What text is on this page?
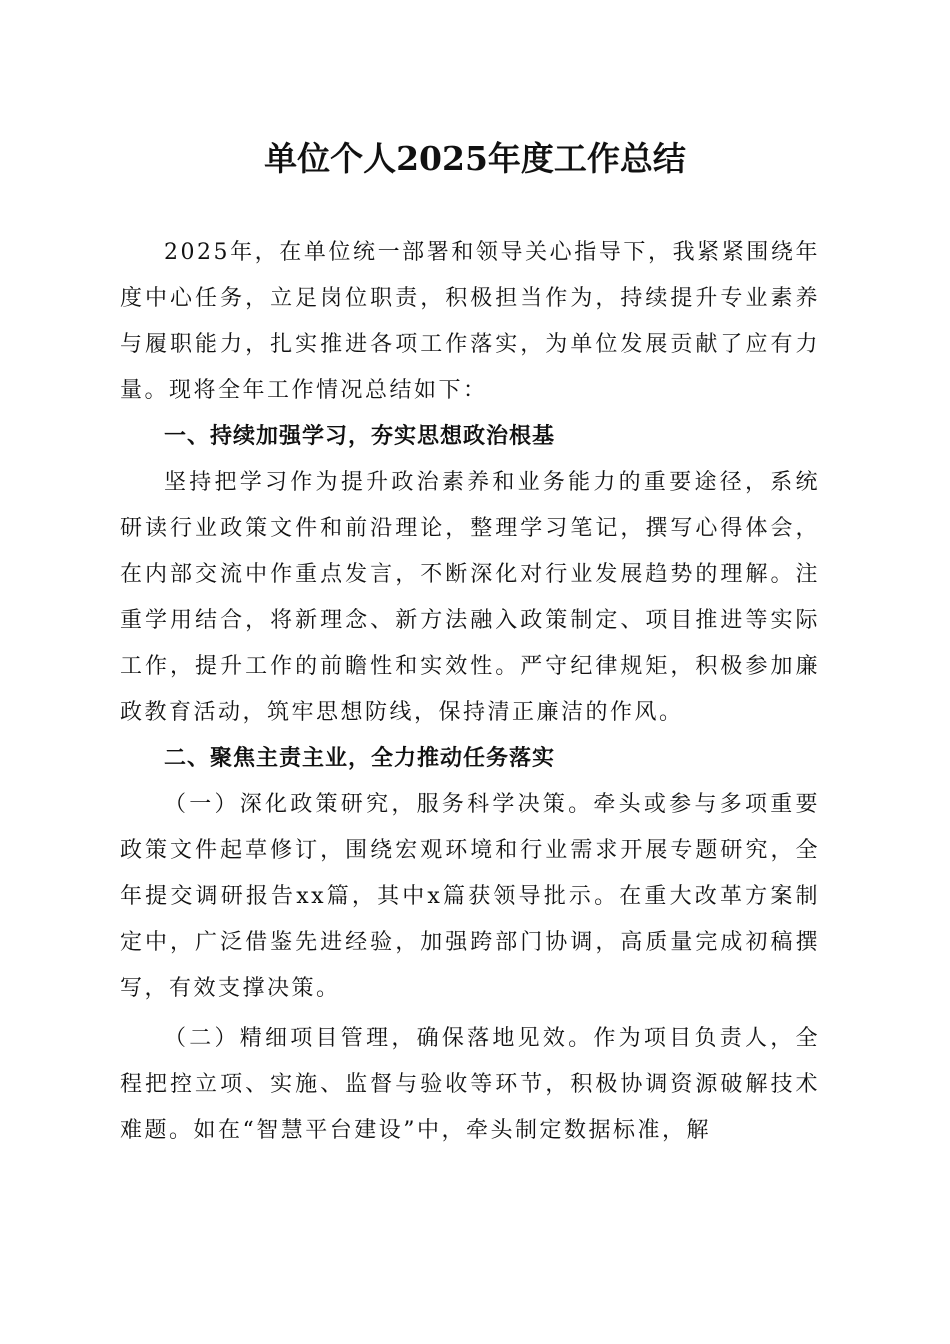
单位个人2025年度工作总结

2025年，在单位统一部署和领导关心指导下，我紧紧围绕年度中心任务，立足岗位职责，积极担当作为，持续提升专业素养与履职能力，扎实推进各项工作落实，为单位发展贡献了应有力量。现将全年工作情况总结如下：

一、持续加强学习，夯实思想政治根基

坚持把学习作为提升政治素养和业务能力的重要途径，系统研读行业政策文件和前沿理论，整理学习笔记，撰写心得体会，在内部交流中作重点发言，不断深化对行业发展趋势的理解。注重学用结合，将新理念、新方法融入政策制定、项目推进等实际工作，提升工作的前瞻性和实效性。严守纪律规矩，积极参加廉政教育活动，筑牢思想防线，保持清正廉洁的作风。

二、聚焦主责主业，全力推动任务落实

（一）深化政策研究，服务科学决策。牵头或参与多项重要政策文件起草修订，围绕宏观环境和行业需求开展专题研究，全年提交调研报告xx篇，其中x篇获领导批示。在重大改革方案制定中，广泛借鉴先进经验，加强跨部门协调，高质量完成初稿撰写，有效支撑决策。

（二）精细项目管理，确保落地见效。作为项目负责人，全程把控立项、实施、监督与验收等环节，积极协调资源破解技术难题。如在“智慧平台建设”中，牵头制定数据标准，解
